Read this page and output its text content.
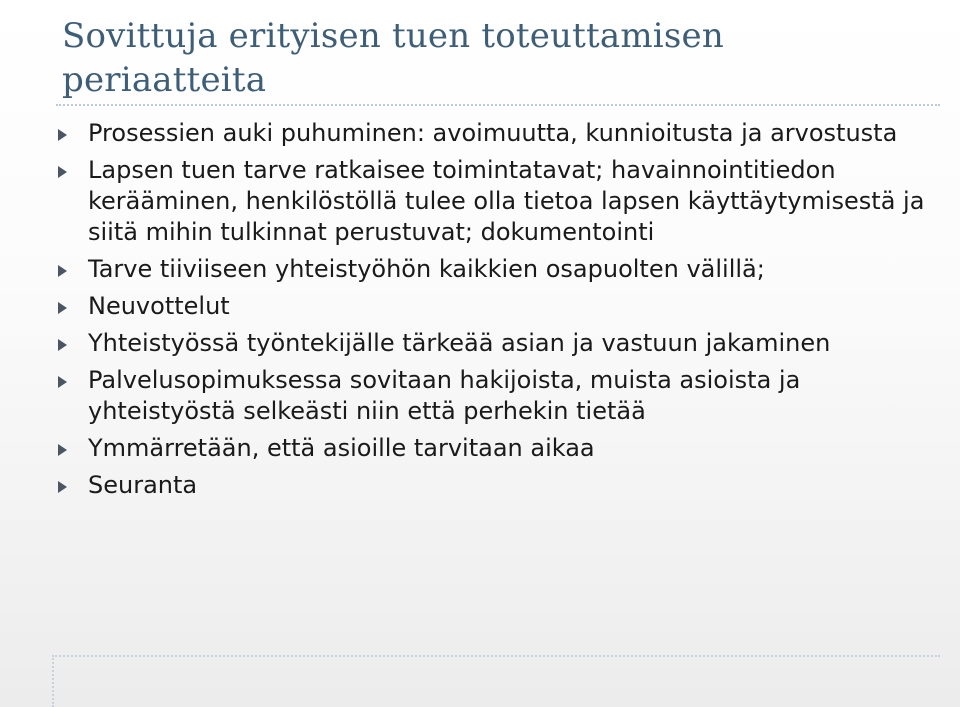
Sovittuja erityisen tuen toteuttamisen periaatteita
Prosessien auki puhuminen: avoimuutta, kunnioitusta ja arvostusta
Lapsen tuen tarve ratkaisee toimintatavat; havainnointitiedon kerääminen, henkilöstöllä tulee olla tietoa lapsen käyttäytymisestä ja siitä mihin tulkinnat perustuvat; dokumentointi
Tarve tiiviiseen yhteistyöhön kaikkien osapuolten välillä;
Neuvottelut
Yhteistyössä työntekijälle tärkeää asian ja vastuun jakaminen
Palvelusopimuksessa sovitaan hakijoista, muista asioista ja yhteistyöstä selkeästi niin että perhekin tietää
Ymmärretään, että asioille tarvitaan aikaa
Seuranta
